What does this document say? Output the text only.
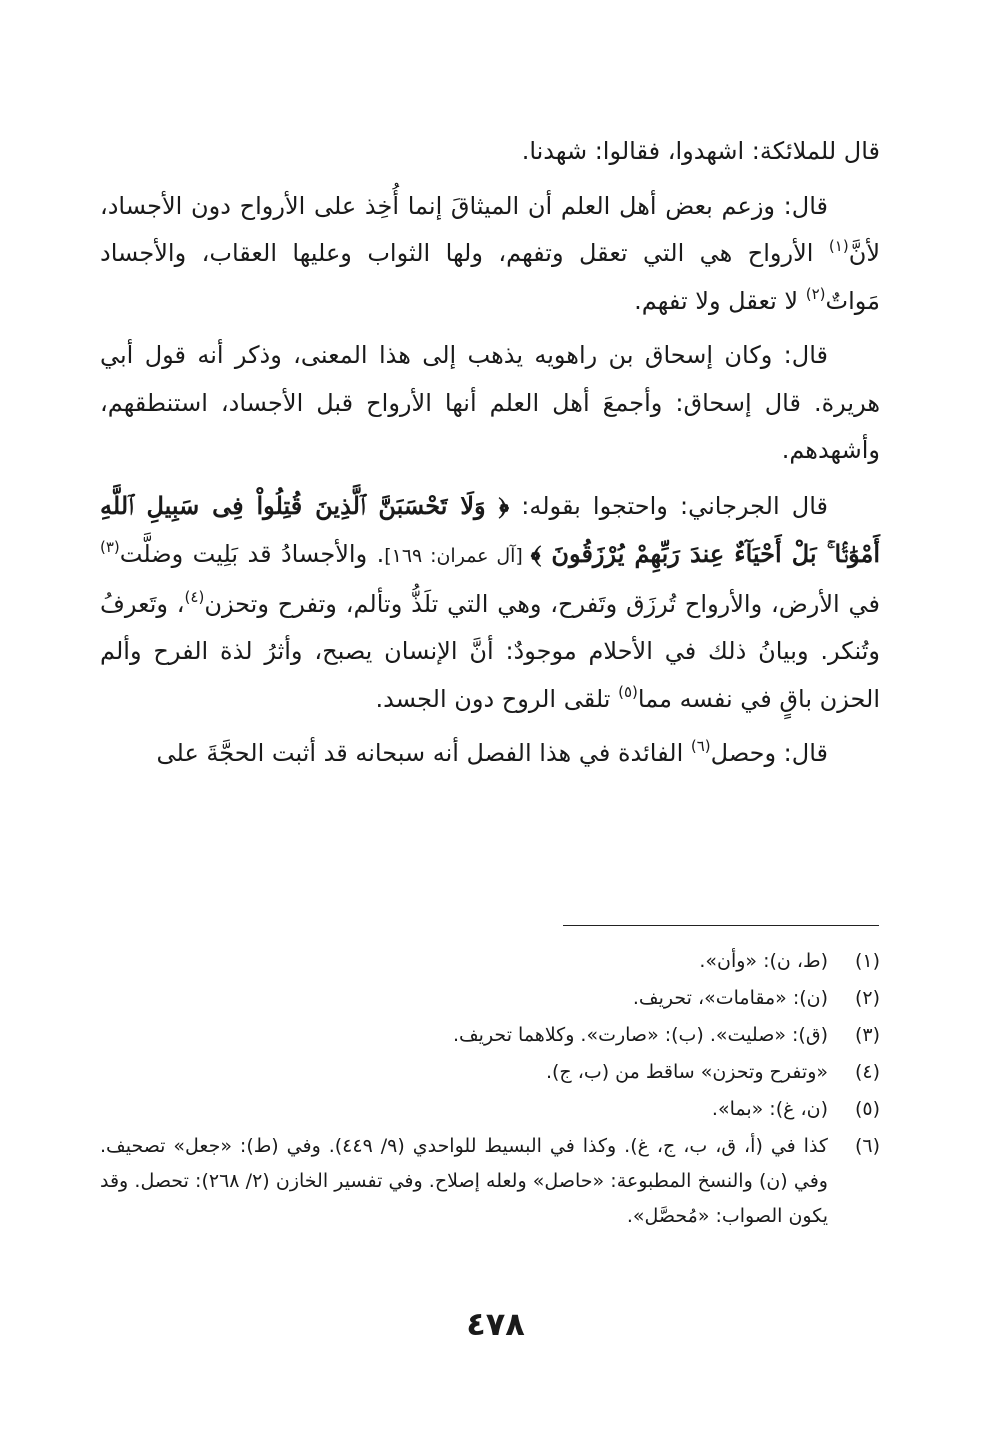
قال للملائكة: اشهدوا، فقالوا: شهدنا.

قال: وزعم بعض أهل العلم أن الميثاقَ إنما أُخِذ على الأرواح دون الأجساد، لأنَّ$^{(١)}$ الأرواح هي التي تعقل وتفهم، ولها الثواب وعليها العقاب، والأجساد مَواتٌ$^{(٢)}$ لا تعقل ولا تفهم.

قال: وكان إسحاق بن راهويه يذهب إلى هذا المعنى، وذكر أنه قول أبي هريرة. قال إسحاق: وأجمعَ أهل العلم أنها الأرواح قبل الأجساد، استنطقهم، وأشهدهم.

قال الجرجاني: واحتجوا بقوله: ﴿ وَلَا تَحْسَبَنَّ ٱلَّذِينَ قُتِلُواْ فِى سَبِيلِ ٱللَّهِ أَمْوَٰتَۢا ۚ بَلْ أَحْيَآءٌ عِندَ رَبِّهِمْ يُرْزَقُونَ ﴾ [آل عمران: ١٦٩]. والأجسادُ قد بَلِيت وضلَّت$^{(٣)}$ في الأرض، والأرواح تُرزَق وتَفرح، وهي التي تلَذُّ وتألم، وتفرح وتحزن$^{(٤)}$، وتَعرفُ وتُنكر. وبيانُ ذلك في الأحلام موجودٌ: أنَّ الإنسان يصبح، وأثرُ لذة الفرح وألم الحزن باقٍ في نفسه مما$^{(٥)}$ تلقى الروح دون الجسد.

قال: وحصل$^{(٦)}$ الفائدة في هذا الفصل أنه سبحانه قد أثبت الحجَّةَ على

(١)
(ط، ن): «وأن».
(٢)
(ن): «مقامات»، تحريف.
(٣)
(ق): «صليت». (ب): «صارت». وكلاهما تحريف.
(٤)
«وتفرح وتحزن» ساقط من (ب، ج).
(٥)
(ن، غ): «بما».
(٦)
كذا في (أ، ق، ب، ج، غ). وكذا في البسيط للواحدي (٩/ ٤٤٩). وفي (ط): «جعل» تصحيف. وفي (ن) والنسخ المطبوعة: «حاصل» ولعله إصلاح. وفي تفسير الخازن (٢/ ٢٦٨): تحصل. وقد يكون الصواب: «مُحصَّل».
٤٧٨
